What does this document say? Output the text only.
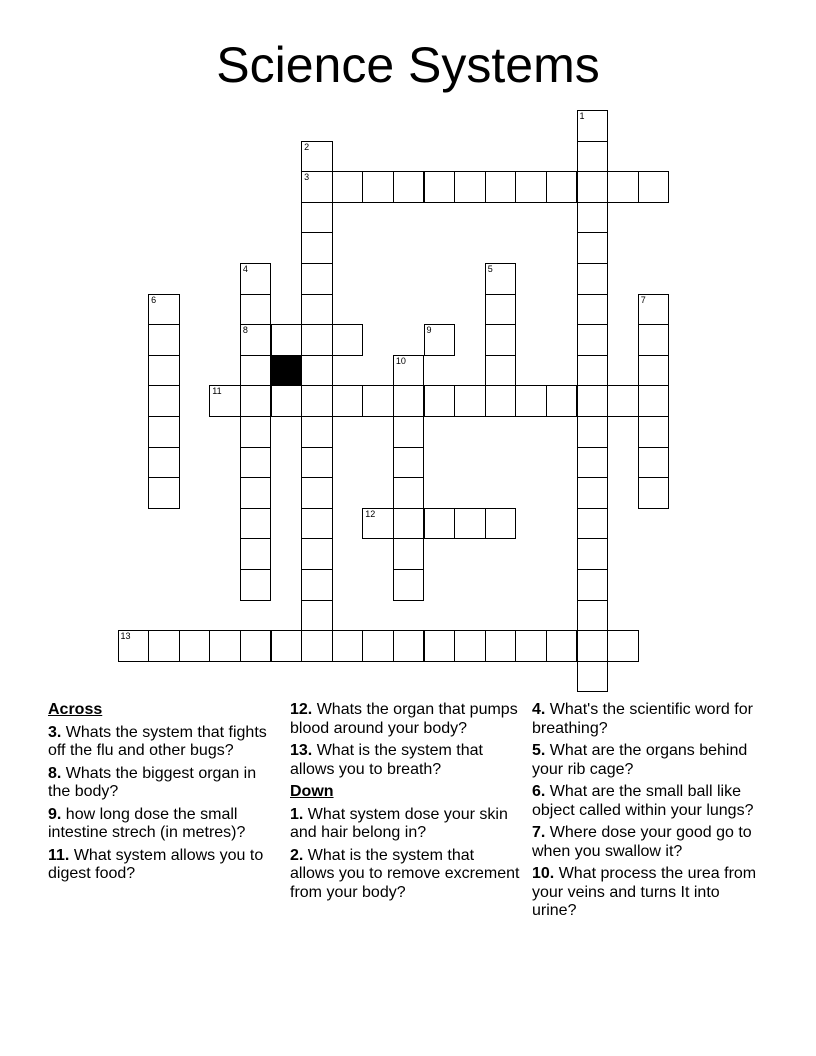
Science Systems
3
8	9
11
12
13
1
2
4	5
6	7
10
Across
3. Whats the system that fights off the flu and other bugs?
8. Whats the biggest organ in the body?
9. how long dose the small intestine strech (in metres)?
11. What system allows you to digest food?
12. Whats the organ that pumps blood around your body?
13. What is the system that allows you to breath?
Down
1. What system dose your skin and hair belong in?
2. What is the system that allows you to remove excrement from your body?
4. What's the scientific word for breathing?
5. What are the organs behind your rib cage?
6. What are the small ball like object called within your lungs?
7. Where dose your good go to when you swallow it?
10. What process the urea from your veins and turns It into urine?
